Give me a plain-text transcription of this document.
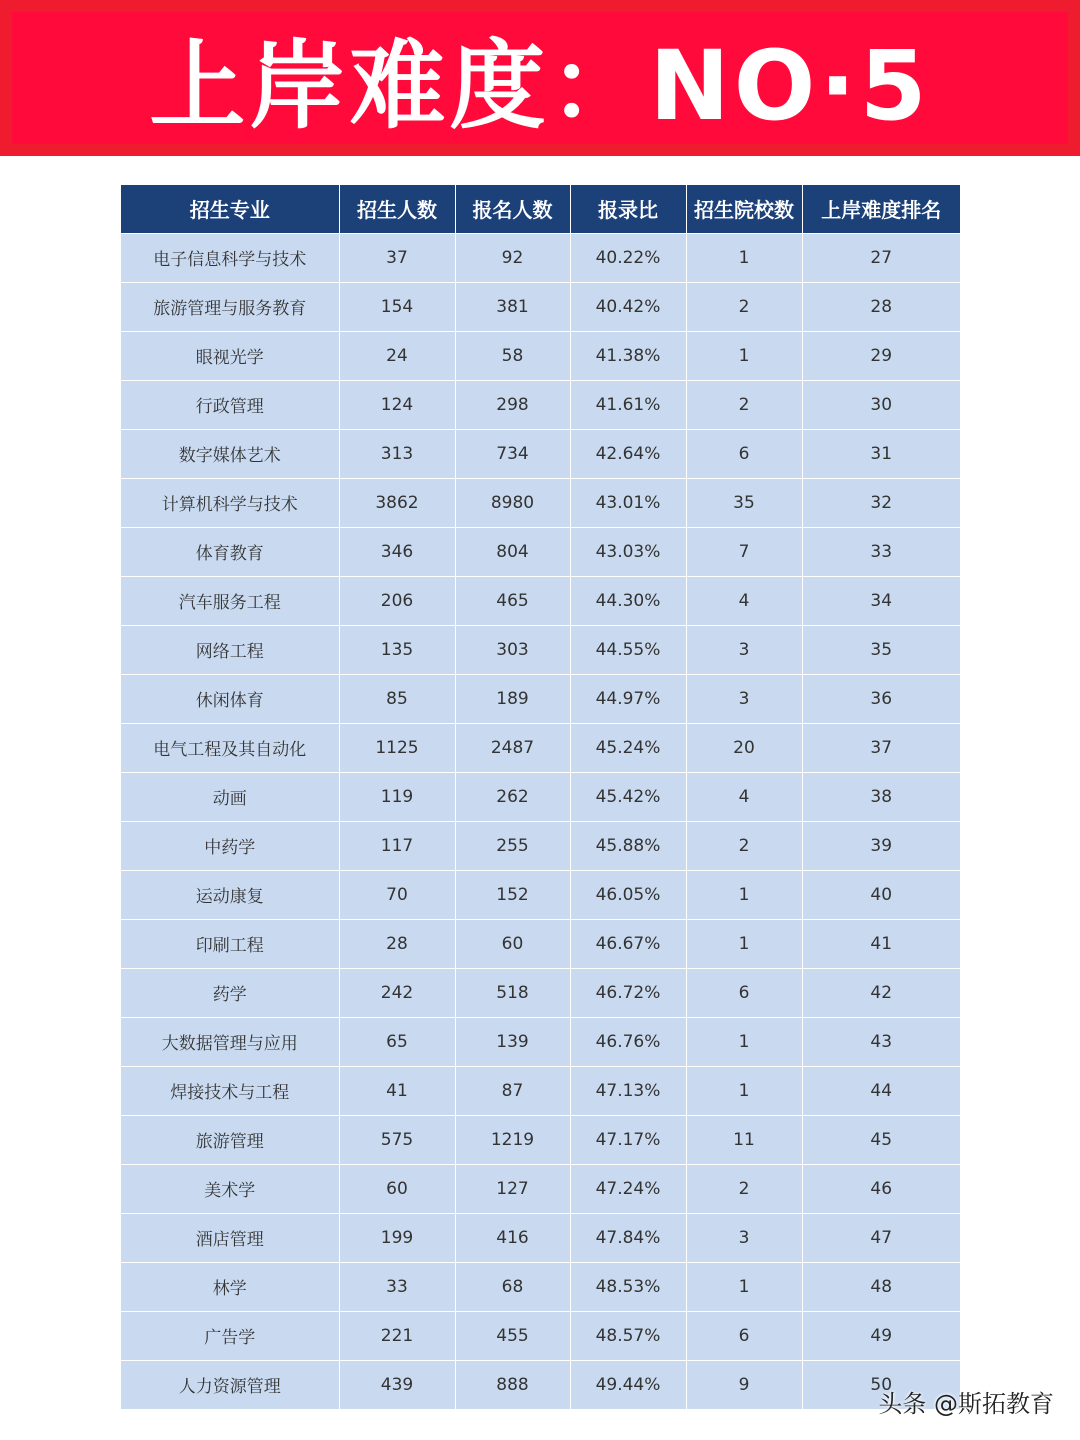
上岸难度：NO·5
招生专业	招生人数	报名人数	报录比	招生院校数	上岸难度排名
电子信息科学与技术	37	92	40.22%	1	27
旅游管理与服务教育	154	381	40.42%	2	28
眼视光学	24	58	41.38%	1	29
行政管理	124	298	41.61%	2	30
数字媒体艺术	313	734	42.64%	6	31
计算机科学与技术	3862	8980	43.01%	35	32
体育教育	346	804	43.03%	7	33
汽车服务工程	206	465	44.30%	4	34
网络工程	135	303	44.55%	3	35
休闲体育	85	189	44.97%	3	36
电气工程及其自动化	1125	2487	45.24%	20	37
动画	119	262	45.42%	4	38
中药学	117	255	45.88%	2	39
运动康复	70	152	46.05%	1	40
印刷工程	28	60	46.67%	1	41
药学	242	518	46.72%	6	42
大数据管理与应用	65	139	46.76%	1	43
焊接技术与工程	41	87	47.13%	1	44
旅游管理	575	1219	47.17%	11	45
美术学	60	127	47.24%	2	46
酒店管理	199	416	47.84%	3	47
林学	33	68	48.53%	1	48
广告学	221	455	48.57%	6	49
人力资源管理	439	888	49.44%	9	50
头条 @斯拓教育
